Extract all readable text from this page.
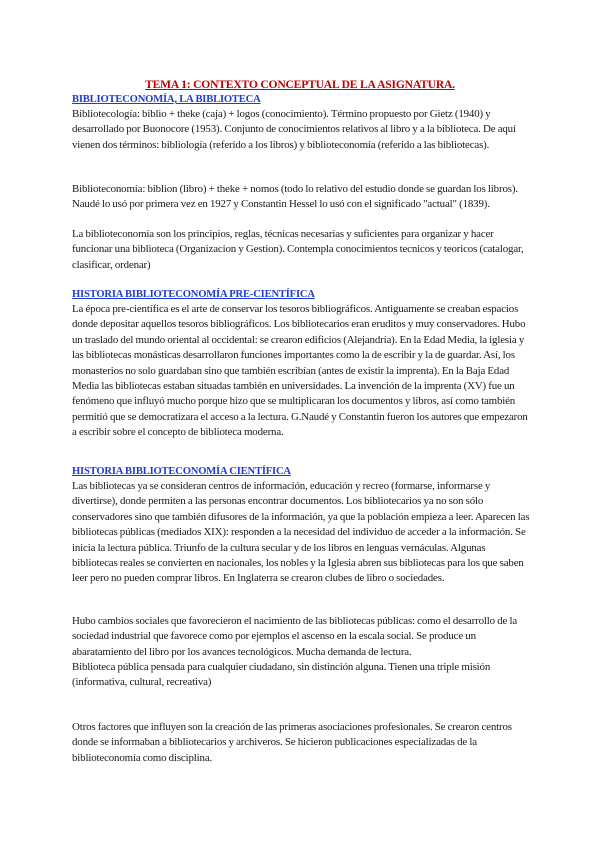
TEMA 1: CONTEXTO CONCEPTUAL DE LA ASIGNATURA.
BIBLIOTECONOMÍA, LA BIBLIOTECA

Bibliotecología: biblio + theke (caja) + logos (conocimiento). Término propuesto por Gietz (1940) y desarrollado por Buonocore (1953). Conjunto de conocimientos relativos al libro y a la biblioteca. De aquí vienen dos términos: bibliología (referido a los libros) y biblioteconomía (referido a las bibliotecas).

Biblioteconomía: biblion (libro) + theke + nomos (todo lo relativo del estudio donde se guardan los libros). Naudé lo usó por primera vez en 1927 y Constantin Hessel lo usó con el significado "actual" (1839).

La biblioteconomía son los principios, reglas, técnicas necesarias y suficientes para organizar y hacer funcionar una biblioteca (Organizacion y Gestion). Contempla conocimientos tecnicos y teoricos (catalogar, clasificar, ordenar)

HISTORIA BIBLIOTECONOMÍA PRE-CIENTÍFICA

La época pre-científica es el arte de conservar los tesoros bibliográficos. Antiguamente se creaban espacios donde depositar aquellos tesoros bibliográficos. Los bibliotecarios eran eruditos y muy conservadores. Hubo un traslado del mundo oriental al occidental: se crearon edificios (Alejandría). En la Edad Media, la iglesia y las bibliotecas monásticas desarrollaron funciones importantes como la de escribir y la de guardar. Así, los monasterios no solo guardaban sino que también escribían (antes de existir la imprenta). En la Baja Edad Media las bibliotecas estaban situadas también en universidades. La invención de la imprenta (XV) fue un fenómeno que influyó mucho porque hizo que se multiplicaran los documentos y libros, así como también permitió que se democratizara el acceso a la lectura. G.Naudé y Constantin fueron los autores que empezaron a escribir sobre el concepto de biblioteca moderna.

HISTORIA BIBLIOTECONOMÍA CIENTÍFICA

Las bibliotecas ya se consideran centros de información, educación y recreo (formarse, informarse y divertirse), donde permiten a las personas encontrar documentos. Los bibliotecarios ya no son sólo conservadores sino que también difusores de la información, ya que la población empieza a leer. Aparecen las bibliotecas públicas (mediados XIX): responden a la necesidad del individuo de acceder a la información. Se inicia la lectura pública. Triunfo de la cultura secular y de los libros en lenguas vernáculas. Algunas bibliotecas reales se convierten en nacionales, los nobles y la Iglesia abren sus bibliotecas para los que saben leer pero no pueden comprar libros. En Inglaterra se crearon clubes de libro o sociedades.

Hubo cambios sociales que favorecieron el nacimiento de las bibliotecas públicas: como el desarrollo de la sociedad industrial que favorece como por ejemplos el ascenso en la escala social. Se produce un abaratamiento del libro por los avances tecnológicos. Mucha demanda de lectura.

Biblioteca pública pensada para cualquier ciudadano, sin distinción alguna. Tienen una triple misión (informativa, cultural, recreativa)

Otros factores que influyen son la creación de las primeras asociaciones profesionales. Se crearon centros donde se informaban a bibliotecarios y archiveros. Se hicieron publicaciones especializadas de la biblioteconomía como disciplina.
